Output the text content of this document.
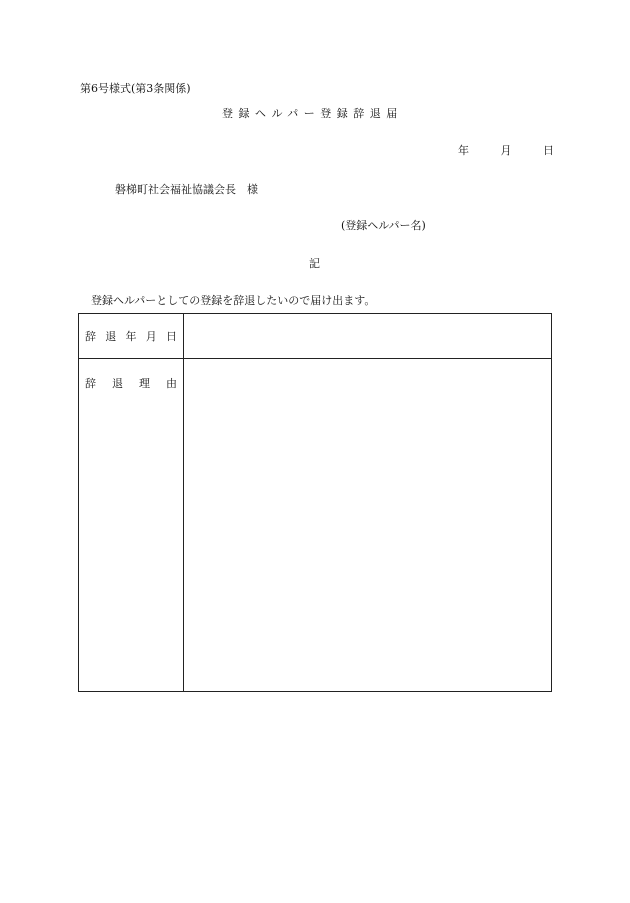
第6号様式(第3条関係)
登録ヘルパー登録辞退届
年	月	日
磐梯町社会福祉協議会長　様
(登録ヘルパー名)
記
登録ヘルパーとしての登録を辞退したいので届け出ます。
辞 退 年 月 日	

辞 退 理 由	
